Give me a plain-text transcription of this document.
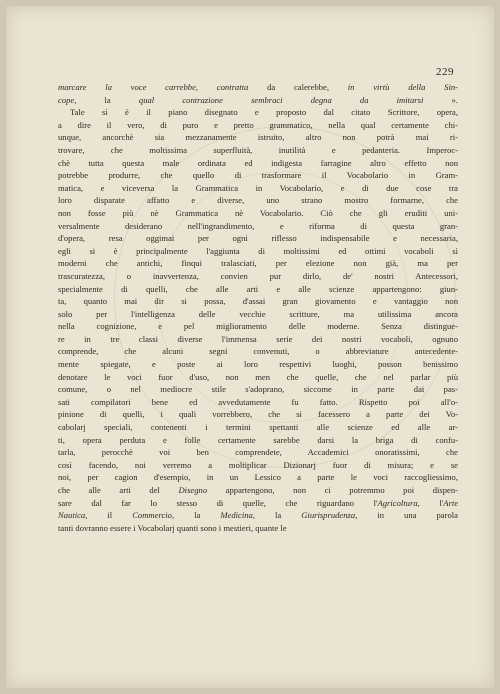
229
marcare la voce carrebbe, contratta da calerebbe, in virtù della Sin-
cope, la qual contrazione sembraci degna da imitarsi ».
Tale sì è il piano disegnato e proposto dal citato Scrittore, opera,
a dire il vero, di puro e pretto grammatico, nella qual certamente chi-
unque, ancorchè sia mezzanamente istruito, altro non potrà mai ri-
trovare, che moltissima superfluità, inutilità e pedanteria. Imperoc-
chè tutta questa male ordinata ed indigesta farragine altro effetto non
potrebbe produrre, che quello di trasformare il Vocabolario in Gram-
matica, e viceversa la Grammatica in Vocabolario, e di due cose tra
loro disparate affatto e diverse, uno strano mostro formarne, che
non fosse più nè Grammatica nè Vocabolario. Ciò che gli eruditi uni-
versalmente desiderano nell'ingrandimento, e riforma di questa gran-
d'opera, resa oggimai per ogni riflesso indispensabile e necessaria,
egli si è principalmente l'aggiunta di moltissimi ed ottimi vocaboli sì
moderni che antichi, finqui tralasciati, per elezione non già, ma per
trascuratezza, o inavvertenza, convien pur dirlo, de' nostri Antecessori,
specialmente di quelli, che alle arti e alle scienze appartengono: giun-
ta, quanto mai dir si possa, d'assai gran giovamento e vantaggio non
solo per l'intelligenza delle vecchie scritture, ma utilissima ancora
nella cognizione, e pel miglioramento delle moderne. Senza distingue-
re in tre classi diverse l'immensa serie dei nostri vocaboli, ognuno
comprende, che alcuni segni convenuti, o abbreviature antecedente-
mente spiegate, e poste ai loro respettivi luoghi, posson benissimo
denotare le voci fuor d'uso, non men che quelle, che nel parlar più
comune, o nel mediocre stile s'adoprano, siccome in parte dai pas-
sati compilatori bene ed avvedutamente fu fatto. Rispetto poi all'o-
pinione di quelli, i quali vorrebbero, che si facessero a parte dei Vo-
cabolarj speciali, contenenti i termini spettanti alle scienze ed alle ar-
ti, opera perduta e folle certamente sarebbe darsi la briga di confu-
tarla, perocchè voi ben comprendete, Accademici onoratissimi, che
così facendo, noi verremo a moltiplicar Dizionarj fuor di misura; e se
noi, per cagion d'esempio, in un Lessico a parte le voci raccogliessimo,
che alle arti del Disegno appartengono, non ci potremmo poi dispen-
sare dal far lo stesso di quelle, che riguardano l'Agricoltura, l'Arte
Nautica, il Commercio, la Medicina, la Giurisprudenza, in una parola
tanti dovranno essere i Vocabolarj quanti sono i mestieri, quante le
